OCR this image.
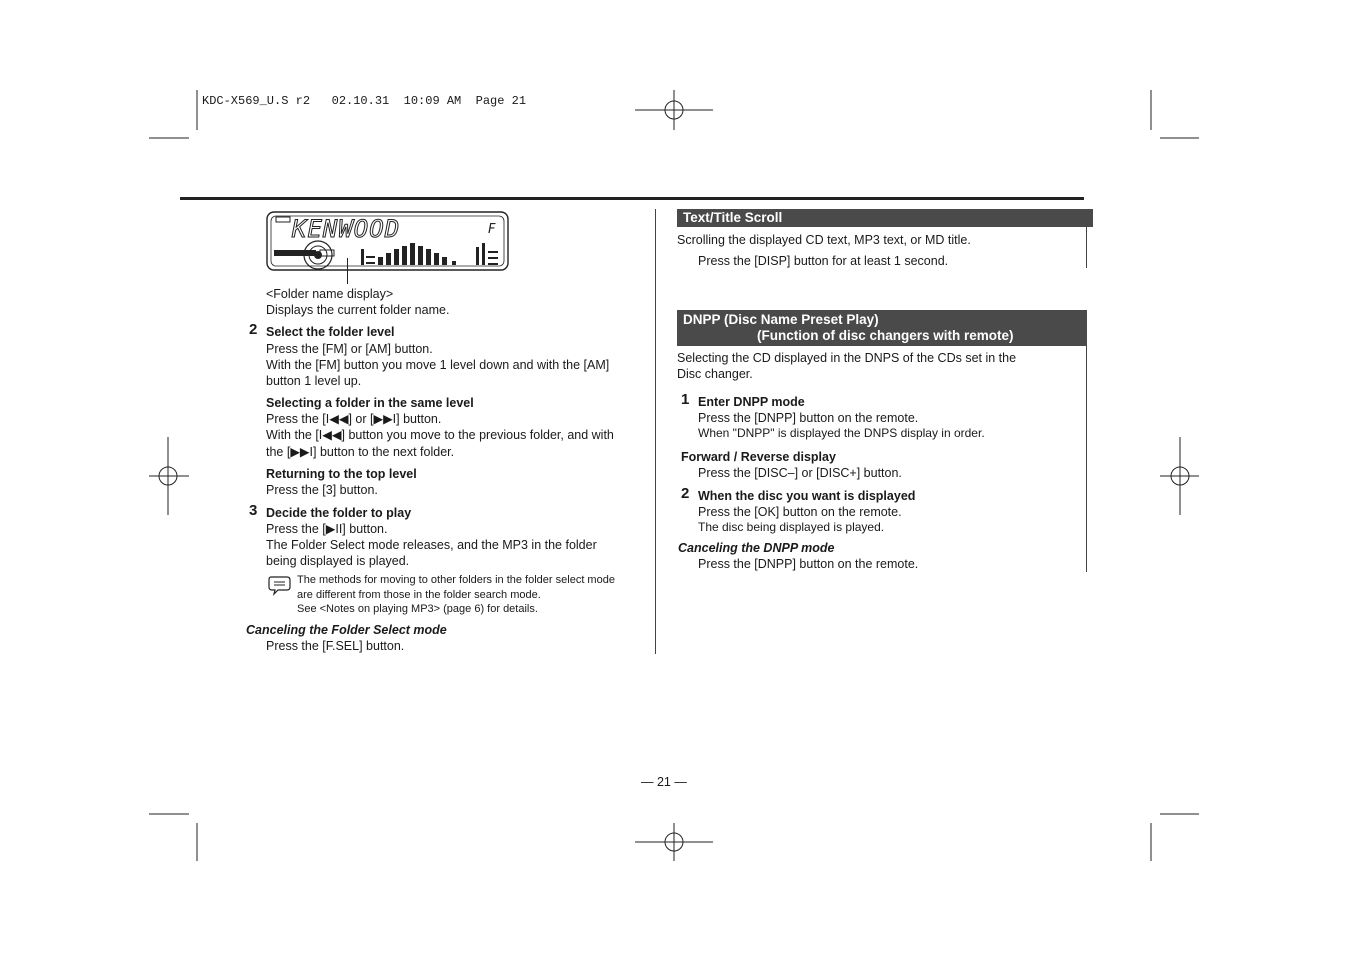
KDC-X569_U.S r2   02.10.31  10:09 AM  Page 21
F
KENWOOD
<Folder name display>
Displays the current folder name.
2 Select the folder level
Press the [FM] or [AM] button.
With the [FM] button you move 1 level down and with the [AM]
button 1 level up.
Selecting a folder in the same level
Press the [I◀◀] or [▶▶I] button.
With the [I◀◀] button you move to the previous folder, and with
the [▶▶I] button to the next folder.
Returning to the top level
Press the [3] button.
3 Decide the folder to play
Press the [▶II] button.
The Folder Select mode releases, and the MP3 in the folder
being displayed is played.
The methods for moving to other folders in the folder select mode
are different from those in the folder search mode.
See <Notes on playing MP3> (page 6) for details.
Canceling the Folder Select mode
Press the [F.SEL] button.
Text/Title Scroll
Scrolling the displayed CD text, MP3 text, or MD title.
Press the [DISP] button for at least 1 second.
DNPP (Disc Name Preset Play)
(Function of disc changers with remote)
Selecting the CD displayed in the DNPS of the CDs set in the
Disc changer.
1 Enter DNPP mode
Press the [DNPP] button on the remote.
When "DNPP" is displayed the DNPS display in order.
Forward / Reverse display
Press the [DISC–] or [DISC+] button.
2 When the disc you want is displayed
Press the [OK] button on the remote.
The disc being displayed is played.
Canceling the DNPP mode
Press the [DNPP] button on the remote.
— 21 —
